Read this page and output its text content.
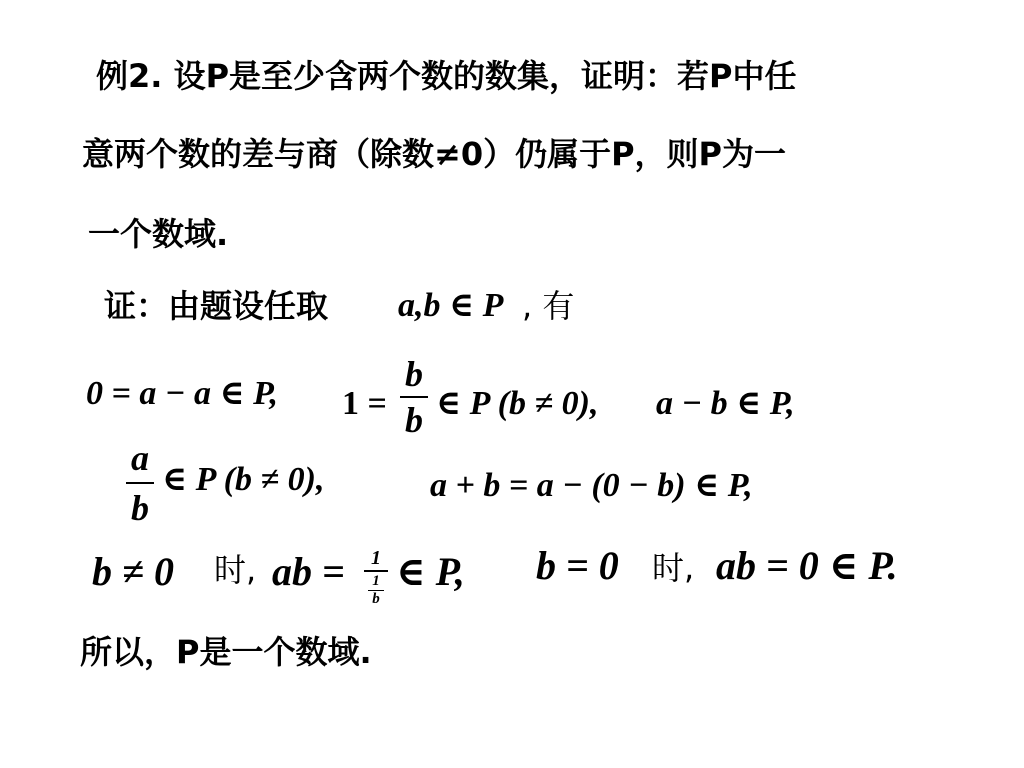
例2. 设P是至少含两个数的数集，证明：若P中任
意两个数的差与商（除数≠0）仍属于P，则P为一
一个数域.
证：由题设任取 a,b ∈ P , 有
0 = a − a ∈ P, 1 =
b
b ∈ P (b ≠ 0), a − b ∈ P,
a
b
∈ P (b ≠ 0),	a + b = a − (0 − b) ∈ P,
b ≠ 0 时, ab =	1
1
b
∈ P, b = 0 时, ab = 0 ∈ P.
所以，P是一个数域.
